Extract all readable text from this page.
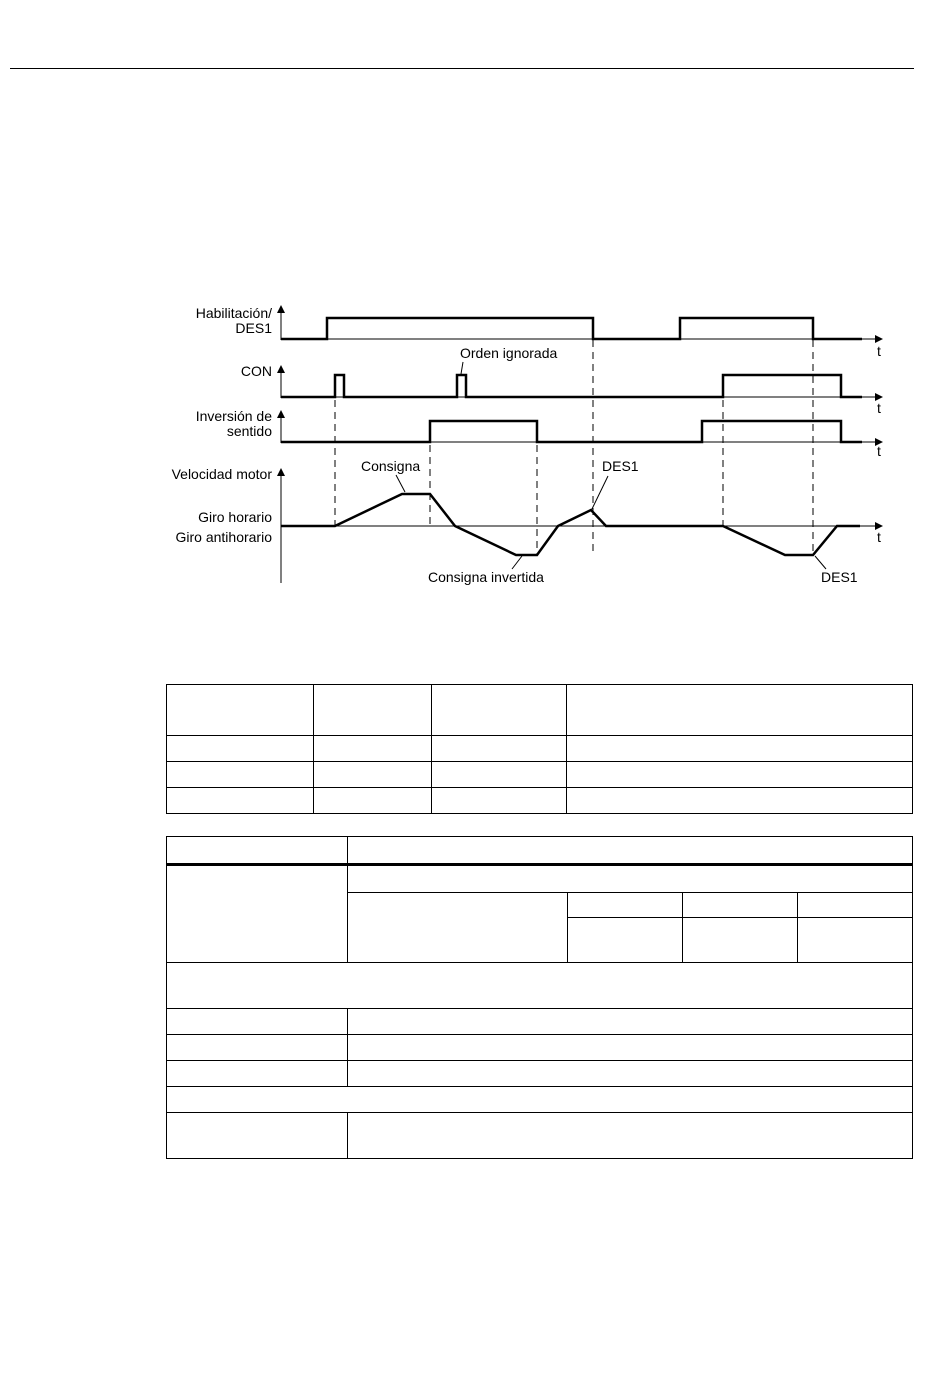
Habilitación/
DES1
CON
Inversión de
sentido
Velocidad motor
Giro horario
Giro antihorario
t
t
t
t
Orden ignorada
Consigna	DES1
Consigna invertida	DES1
